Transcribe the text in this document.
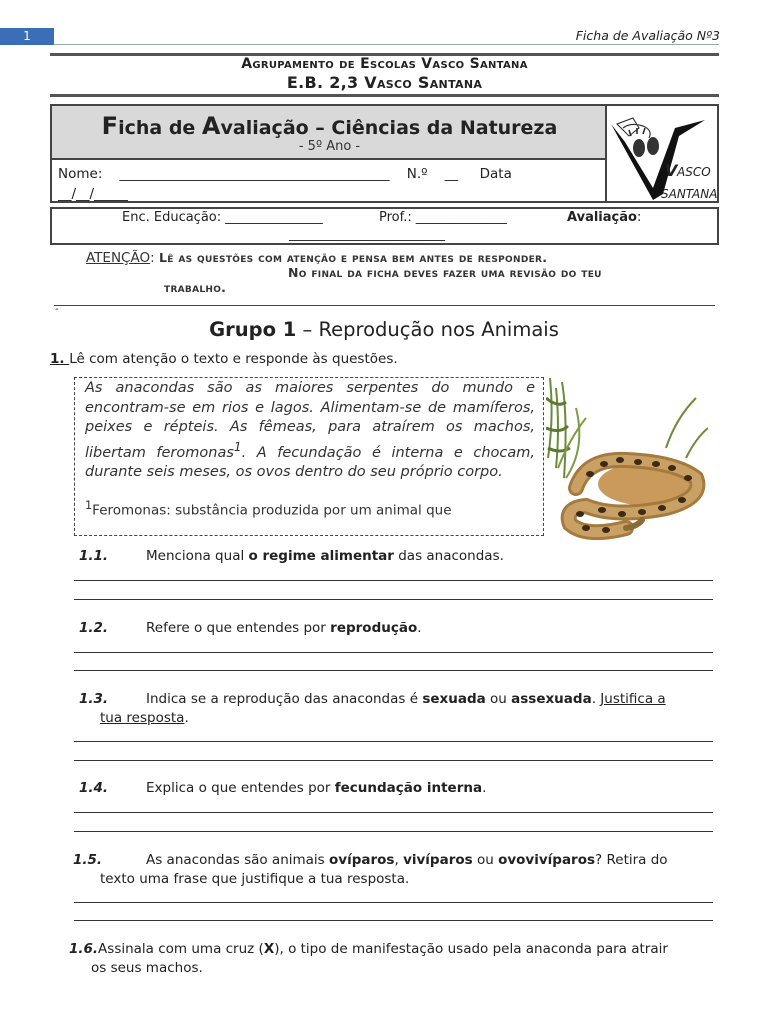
1	Ficha de Avaliação Nº3
Agrupamento de Escolas Vasco Santana
E.B. 2,3 Vasco Santana
Ficha de Avaliação – Ciências da Natureza
- 5º Ano -
Nome: ________________________________________ N.º __ Data
__/__/_____
V ASCO
SANTANA
Enc. Educação: _______________	Prof.: ______________	Avaliação :
________________________
ATENÇÃO: Lê as questões com atenção e pensa bem antes de responder.
No final da ficha deves fazer uma revisão do teu
trabalho.
-
Grupo 1 – Reprodução nos Animais
1. Lê com atenção o texto e responde às questões.
As anacondas são as maiores serpentes do mundo e encontram-se em rios e lagos. Alimentam-se de mamíferos, peixes e répteis. As fêmeas, para atraírem os machos, libertam feromonas$^1$. A fecundação é interna e chocam, durante seis meses, os ovos dentro do seu próprio corpo.
$^1$Feromonas: substância produzida por um animal que
1.1.	Menciona qual o regime alimentar das anacondas.
1.2.	Refere o que entendes por reprodução.
1.3.	Indica se a reprodução das anacondas é sexuada ou assexuada. Justifica a
tua resposta.
1.4.	Explica o que entendes por fecundação interna.
1.5.	As anacondas são animais ovíparos, vivíparos ou ovovivíparos? Retira do
texto uma frase que justifique a tua resposta.
1.6.Assinala com uma cruz (X), o tipo de manifestação usado pela anaconda para atrair
os seus machos.
